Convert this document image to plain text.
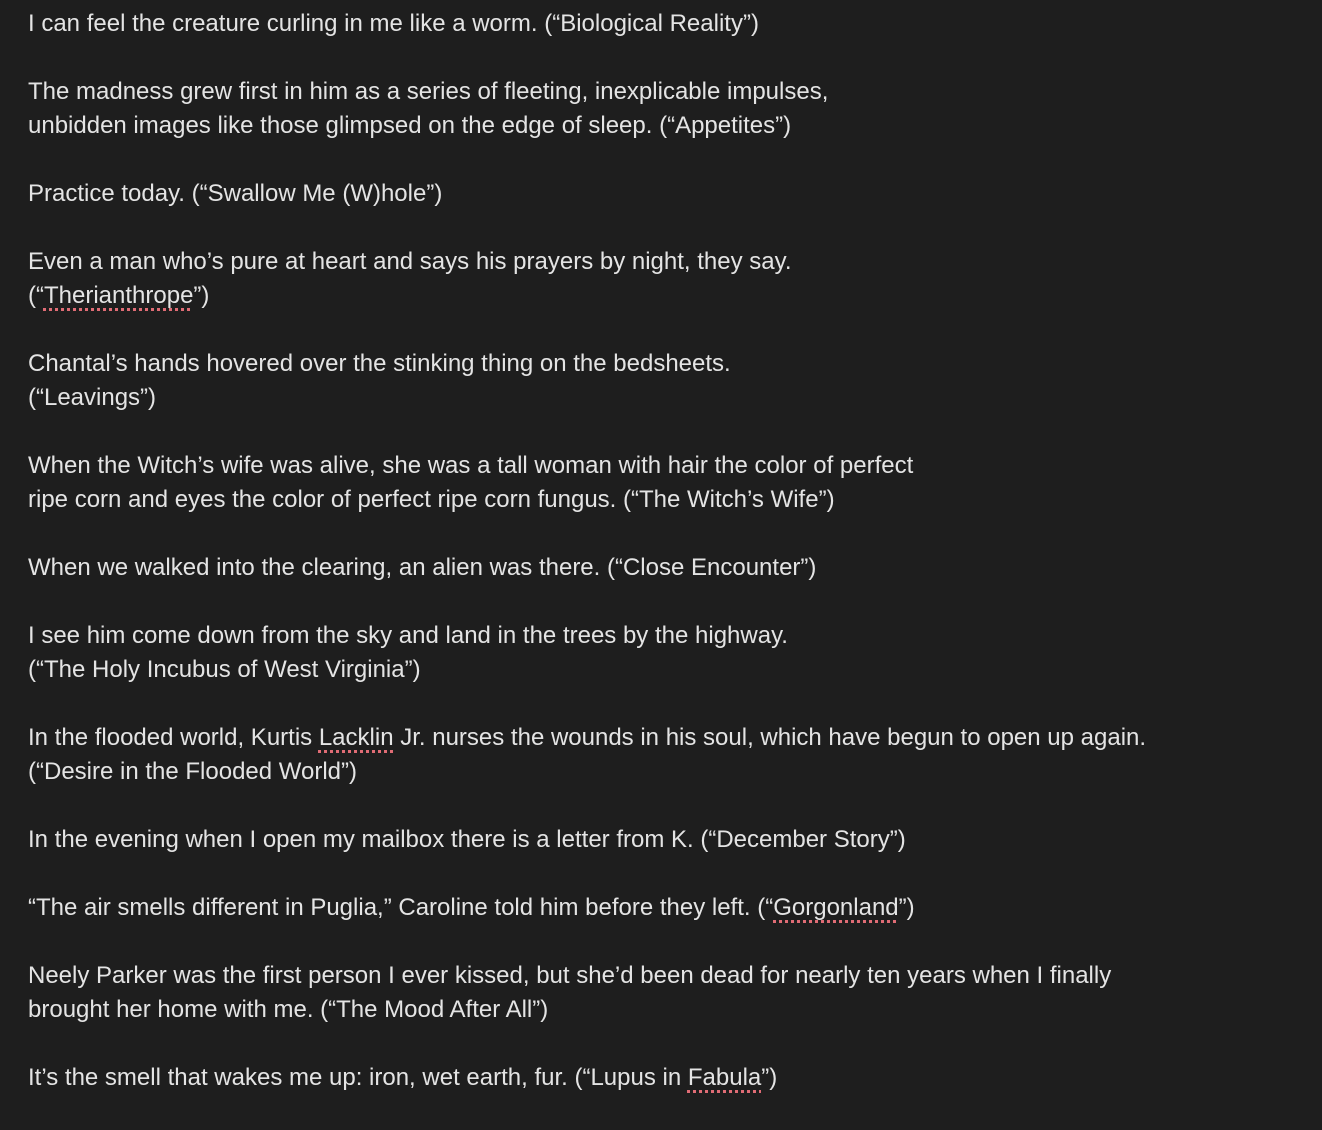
I can feel the creature curling in me like a worm. (“Biological Reality”)
The madness grew first in him as a series of fleeting, inexplicable impulses,
unbidden images like those glimpsed on the edge of sleep. (“Appetites”)
Practice today. (“Swallow Me (W)hole”)
Even a man who’s pure at heart and says his prayers by night, they say.
(“Therianthrope”)
Chantal’s hands hovered over the stinking thing on the bedsheets.
(“Leavings”)
When the Witch’s wife was alive, she was a tall woman with hair the color of perfect
ripe corn and eyes the color of perfect ripe corn fungus. (“The Witch’s Wife”)
When we walked into the clearing, an alien was there. (“Close Encounter”)
I see him come down from the sky and land in the trees by the highway.
(“The Holy Incubus of West Virginia”)
In the flooded world, Kurtis Lacklin Jr. nurses the wounds in his soul, which have begun to open up again.
(“Desire in the Flooded World”)
In the evening when I open my mailbox there is a letter from K. (“December Story”)
“The air smells different in Puglia,” Caroline told him before they left. (“Gorgonland”)
Neely Parker was the first person I ever kissed, but she’d been dead for nearly ten years when I finally
brought her home with me. (“The Mood After All”)
It’s the smell that wakes me up: iron, wet earth, fur. (“Lupus in Fabula”)
